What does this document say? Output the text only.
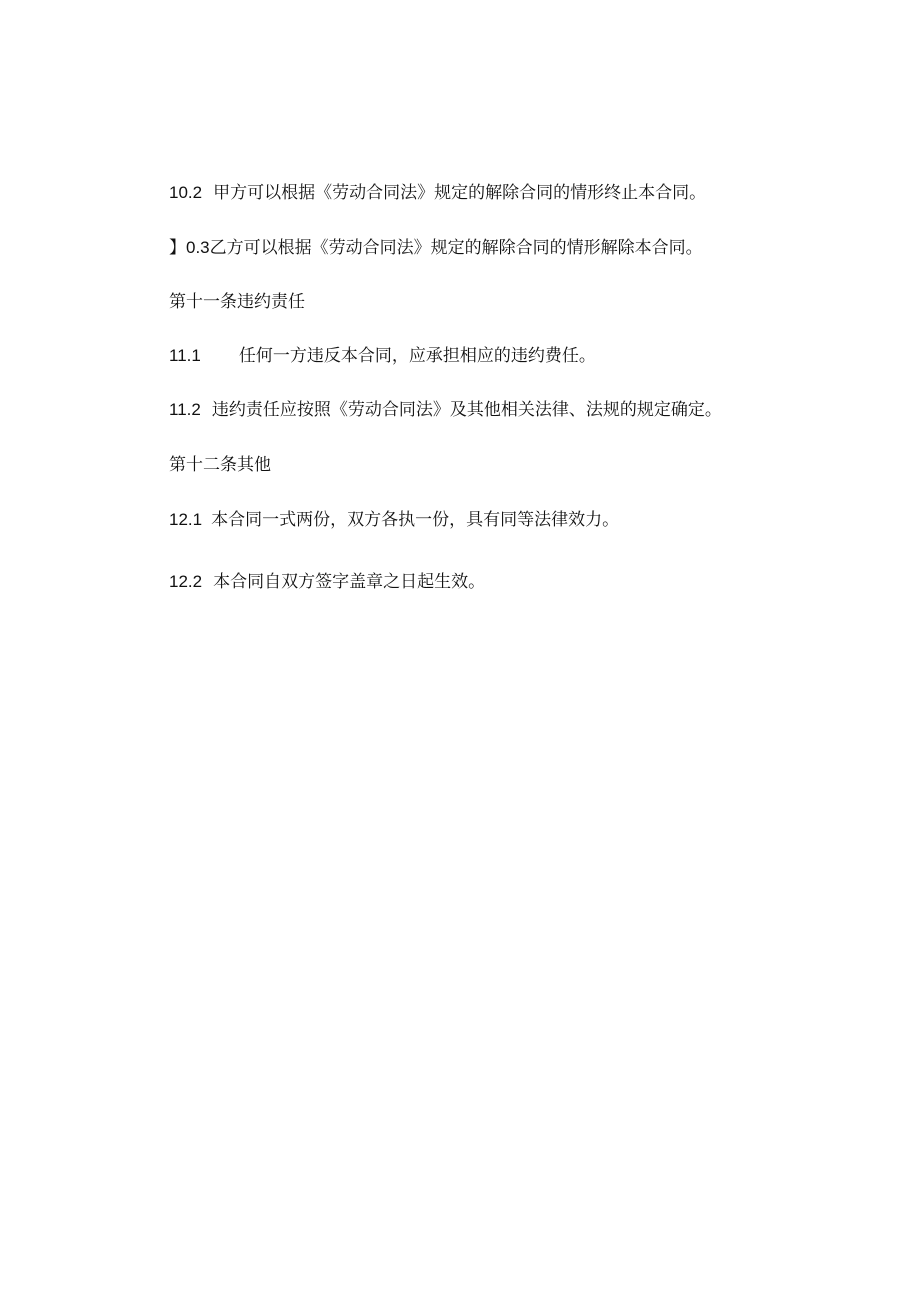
10.2 甲方可以根据《劳动合同法》规定的解除合同的情形终止本合同。
】0.3乙方可以根据《劳动合同法》规定的解除合同的情形解除本合同。
第十一条违约责任
11.1 任何一方违反本合同，应承担相应的违约费任。
11.2 违约责任应按照《劳动合同法》及其他相关法律、法规的规定确定。
第十二条其他
12.1 本合同一式两份，双方各执一份，具有同等法律效力。
12.2 本合同自双方签字盖章之日起生效。
